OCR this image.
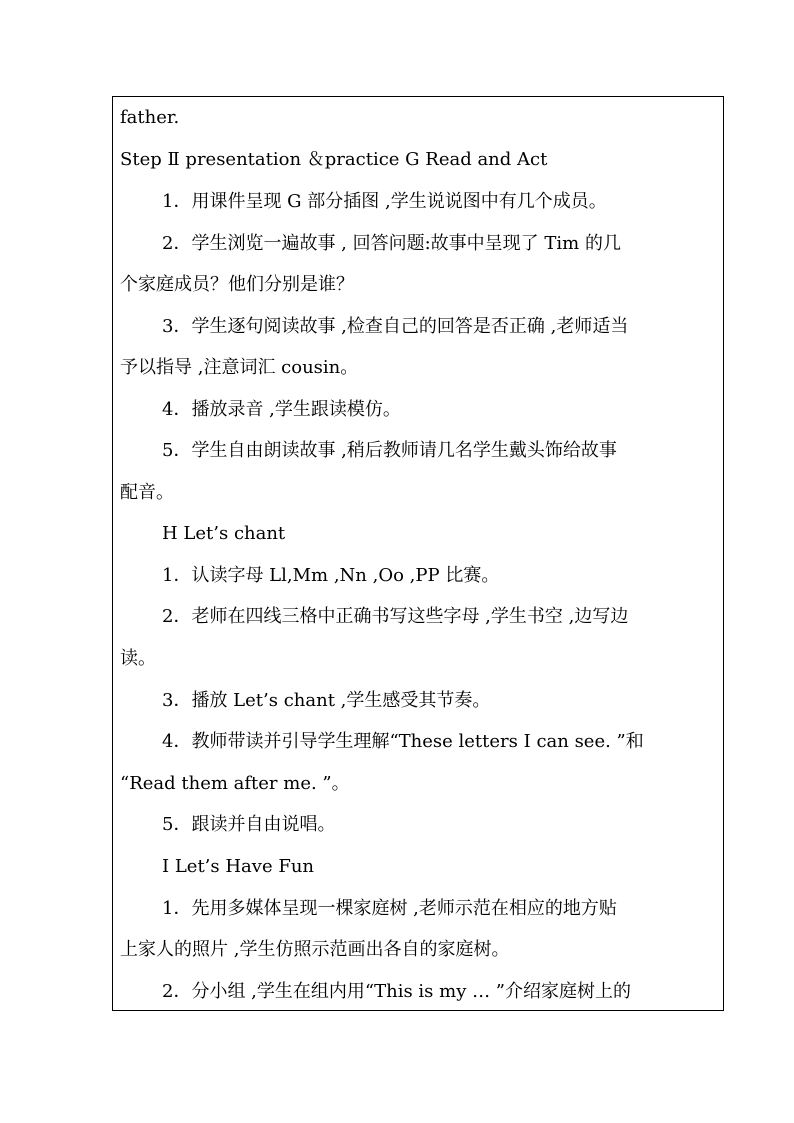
father.
Step Ⅱ presentation ＆practice G Read and Act
1．用课件呈现 G 部分插图 ,学生说说图中有几个成员。
2．学生浏览一遍故事 , 回答问题:故事中呈现了 Tim 的几
个家庭成员？他们分别是谁？
3．学生逐句阅读故事 ,检查自己的回答是否正确 ,老师适当
予以指导 ,注意词汇 cousin。
4．播放录音 ,学生跟读模仿。
5．学生自由朗读故事 ,稍后教师请几名学生戴头饰给故事
配音。
H Let’s chant
1．认读字母 Ll,Mm ,Nn ,Oo ,PP 比赛。
2．老师在四线三格中正确书写这些字母 ,学生书空 ,边写边
读。
3．播放 Let’s chant ,学生感受其节奏。
4．教师带读并引导学生理解“These letters I can see. ”和
“Read them after me. ”。
5．跟读并自由说唱。
I Let’s Have Fun
1．先用多媒体呈现一棵家庭树 ,老师示范在相应的地方贴
上家人的照片 ,学生仿照示范画出各自的家庭树。
2．分小组 ,学生在组内用“This is my … ”介绍家庭树上的
